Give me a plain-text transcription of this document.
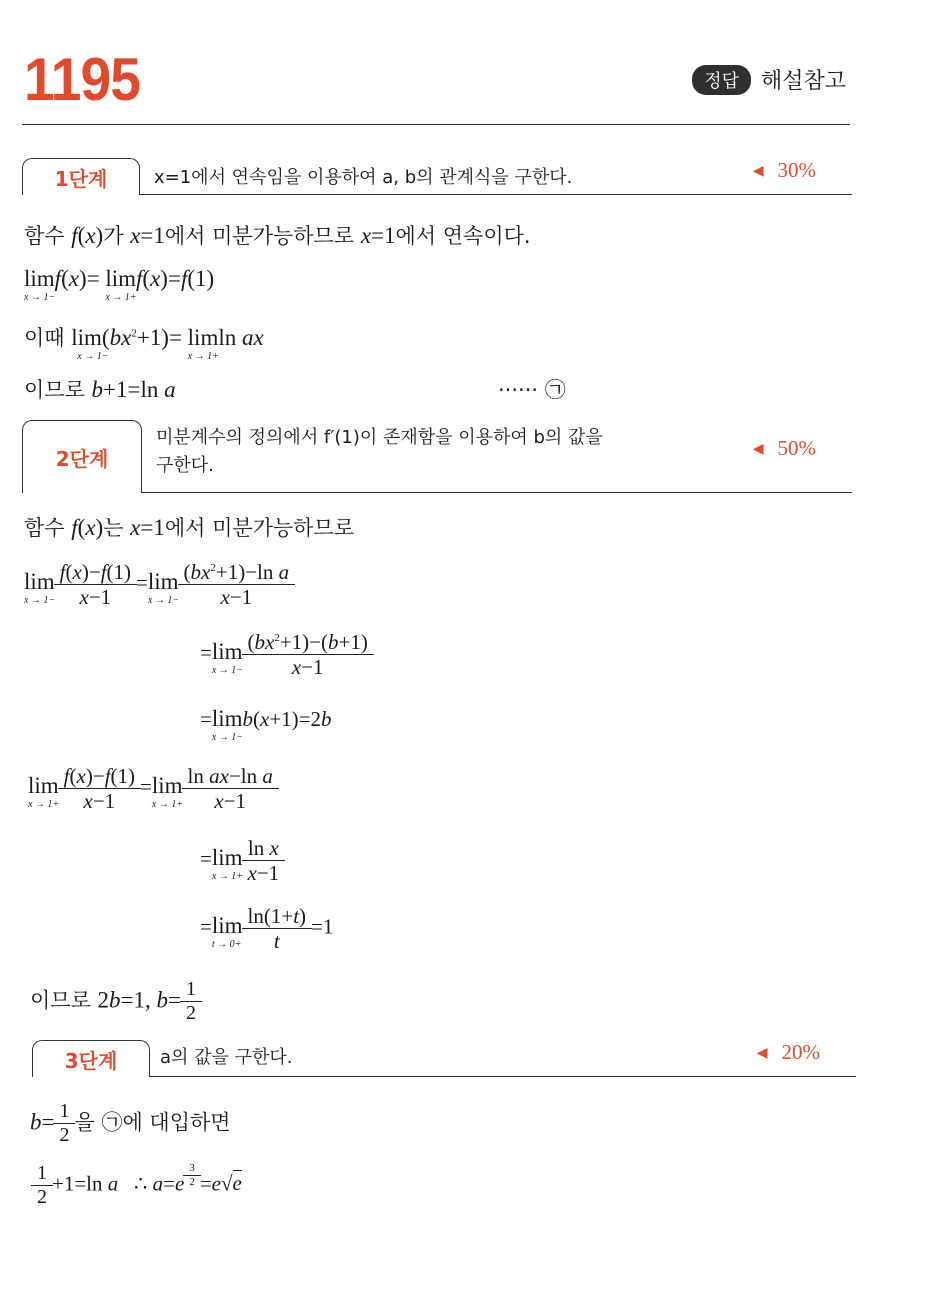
1195	정답	해설참고
1단계	x=1에서 연속임을 이용하여 a, b의 관계식을 구한다.	◀ 30%
함수 f(x)가 x=1에서 미분가능하므로 x=1에서 연속이다.
lim
x → 1−
f(x)= lim
x → 1+
f(x)=f(1)
이때 lim
x → 1−
$(bx^2+1)= limln$ ax
x → 1+
이므로 b+1=ln a	······ ㉠
2단계
미분계수의 정의에서 f′(1)이 존재함을 이용하여 b의 값을
구한다.
◀ 50%
함수 f(x)는 x=1에서 미분가능하므로
lim
$x \to 1- \frac{f(x)-f(1)}{x-1} =\lim$
$x \to 1- \frac{(bx^2+1)-\ln a}{x-1}$
=lim
$x \to 1- \frac{(bx^2+1)-(b+1)}{x-1}$
=lim
x → 1−
b(x+1)=2b
lim
$x \to 1+ \frac{f(x)-f(1)}{x-1} =\lim$
$x \to 1+ \frac{\text{ln ax−ln a}}{x-1}$
=lim
$x \to 1+ \frac{\text{ln x}}{x-1}$
=lim
$t \to 0+ \frac{\ln(1+t)}{t} =1$
이므로 2b=1, $b= \frac{1}{2}$
3단계	a의 값을 구한다.	◀ 20%
$b= \frac{1}{2}$ 을 ㉠에 대입하면
$\frac{1}{2} +1=\ln$ a   ∴ a=e $^{\frac{3}{2}}$ =e√e
